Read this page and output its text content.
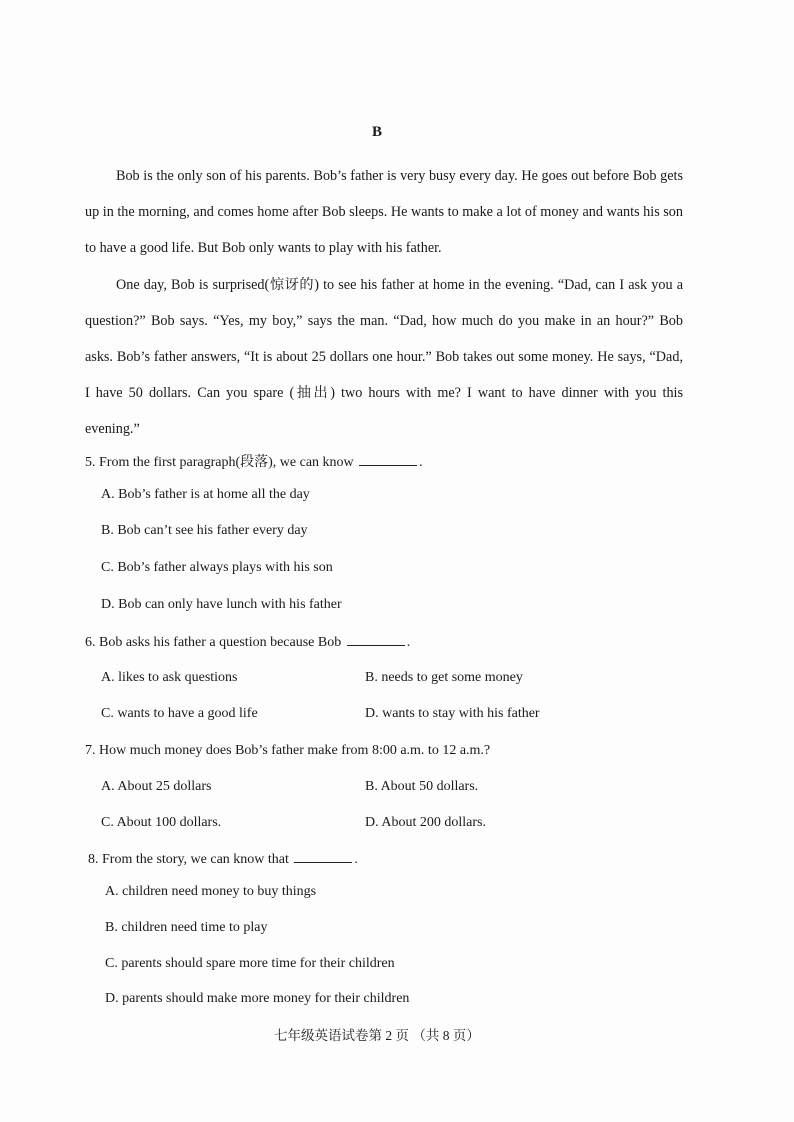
B

Bob is the only son of his parents. Bob’s father is very busy every day. He goes out before Bob gets up in the morning, and comes home after Bob sleeps. He wants to make a lot of money and wants his son to have a good life. But Bob only wants to play with his father.

One day, Bob is surprised(惊讶的) to see his father at home in the evening. “Dad, can I ask you a question?” Bob says. “Yes, my boy,” says the man. “Dad, how much do you make in an hour?” Bob asks. Bob’s father answers, “It is about 25 dollars one hour.” Bob takes out some money. He says, “Dad, I have 50 dollars. Can you spare (抽出) two hours with me? I want to have dinner with you this evening.”

5. From the first paragraph(段落), we can know	.
A. Bob’s father is at home all the day
B. Bob can’t see his father every day
C. Bob’s father always plays with his son
D. Bob can only have lunch with his father
6. Bob asks his father a question because Bob	.
A. likes to ask questions	B. needs to get some money
C. wants to have a good life	D. wants to stay with his father
7. How much money does Bob’s father make from 8:00 a.m. to 12 a.m.?
A. About 25 dollars	B. About 50 dollars.
C. About 100 dollars.	D. About 200 dollars.
8. From the story, we can know that	.
A. children need money to buy things
B. children need time to play
C. parents should spare more time for their children
D. parents should make more money for their children
七年级英语试卷第 2 页 （共 8 页）
